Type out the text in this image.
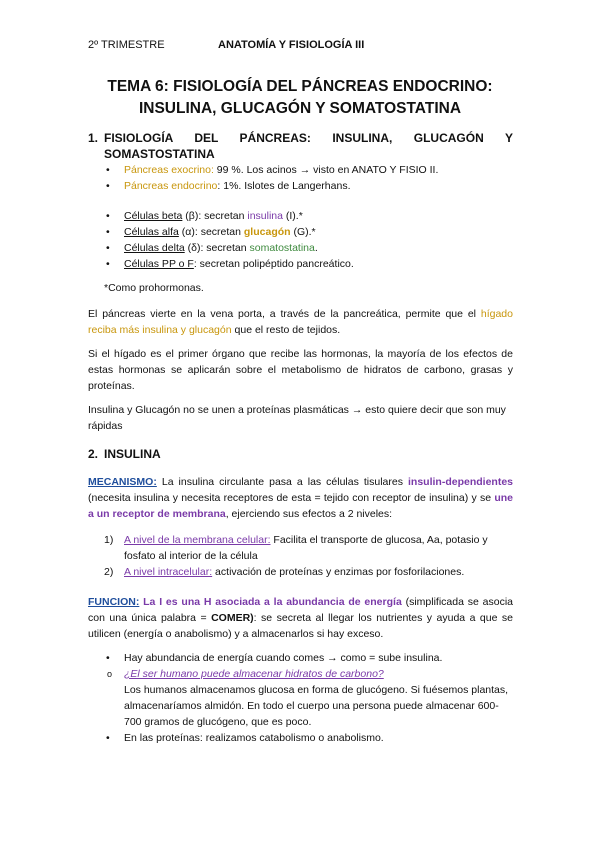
2º TRIMESTRE	ANATOMÍA Y FISIOLOGÍA III
TEMA 6: FISIOLOGÍA DEL PÁNCREAS ENDOCRINO:
INSULINA, GLUCAGÓN Y SOMATOSTATINA
1. FISIOLOGÍA DEL PÁNCREAS: INSULINA, GLUCAGÓN Y
SOMASTOSTATINA
• Páncreas exocrino: 99 %. Los acinos → visto en ANATO Y FISIO II.
• Páncreas endocrino: 1%. Islotes de Langerhans.
• Células beta (β): secretan insulina (I).*
• Células alfa (α): secretan glucagón (G).*
• Células delta (δ): secretan somatostatina.
• Células PP o F: secretan polipéptido pancreático.

*Como prohormonas.

El páncreas vierte en la vena porta, a través de la pancreática, permite que el hígado reciba más insulina y glucagón que el resto de tejidos.

Si el hígado es el primer órgano que recibe las hormonas, la mayoría de los efectos de estas hormonas se aplicarán sobre el metabolismo de hidratos de carbono, grasas y proteínas.

Insulina y Glucagón no se unen a proteínas plasmáticas → esto quiere decir que son muy rápidas

2. INSULINA

MECANISMO: La insulina circulante pasa a las células tisulares insulin-dependientes (necesita insulina y necesita receptores de esta = tejido con receptor de insulina) y se une a un receptor de membrana, ejerciendo sus efectos a 2 niveles:

1) A nivel de la membrana celular: Facilita el transporte de glucosa, Aa, potasio y fosfato al interior de la célula
2) A nivel intracelular: activación de proteínas y enzimas por fosforilaciones.

FUNCION: La I es una H asociada a la abundancia de energía (simplificada se asocia con una única palabra = COMER): se secreta al llegar los nutrientes y ayuda a que se utilicen (energía o anabolismo) y a almacenarlos si hay exceso.

• Hay abundancia de energía cuando comes → como = sube insulina.
o ¿El ser humano puede almacenar hidratos de carbono?
Los humanos almacenamos glucosa en forma de glucógeno. Si fuésemos plantas, almacenaríamos almidón. En todo el cuerpo una persona puede almacenar 600-700 gramos de glucógeno, que es poco.
• En las proteínas: realizamos catabolismo o anabolismo.
